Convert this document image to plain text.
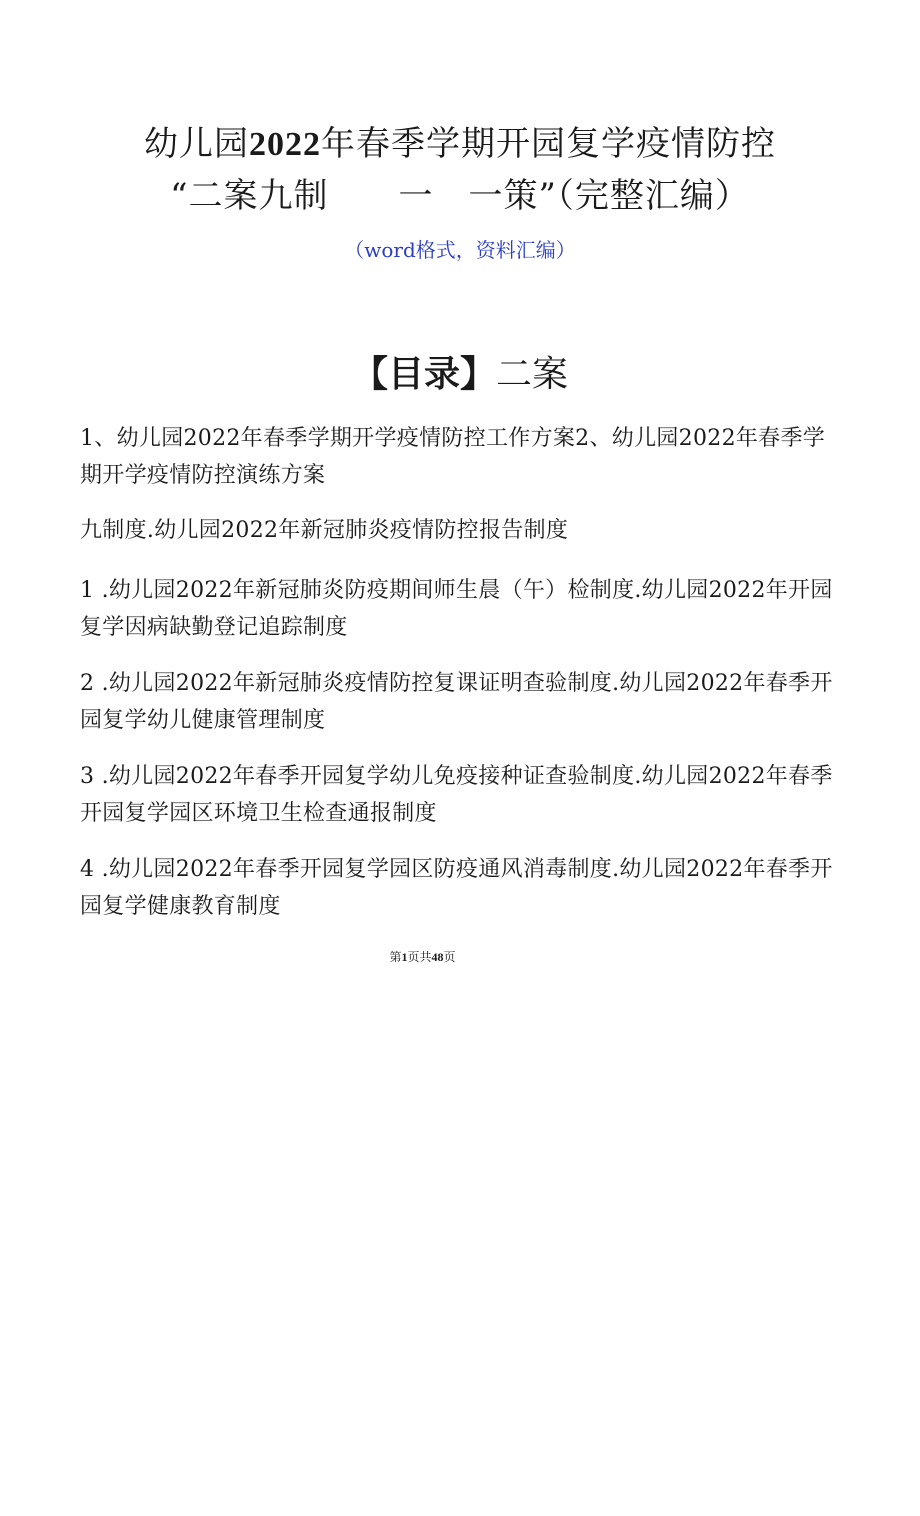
幼儿园2022年春季学期开园复学疫情防控
“二案九制　　一　一策”（完整汇编）
（word格式，资料汇编）
【目录】二案
1、幼儿园2022年春季学期开学疫情防控工作方案2、幼儿园2022年春季学期开学疫情防控演练方案
九制度.幼儿园2022年新冠肺炎疫情防控报告制度
1 .幼儿园2022年新冠肺炎防疫期间师生晨（午）检制度.幼儿园2022年开园复学因病缺勤登记追踪制度
2 .幼儿园2022年新冠肺炎疫情防控复课证明查验制度.幼儿园2022年春季开园复学幼儿健康管理制度
3 .幼儿园2022年春季开园复学幼儿免疫接种证查验制度.幼儿园2022年春季开园复学园区环境卫生检查通报制度
4 .幼儿园2022年春季开园复学园区防疫通风消毒制度.幼儿园2022年春季开园复学健康教育制度
第1页共48页
